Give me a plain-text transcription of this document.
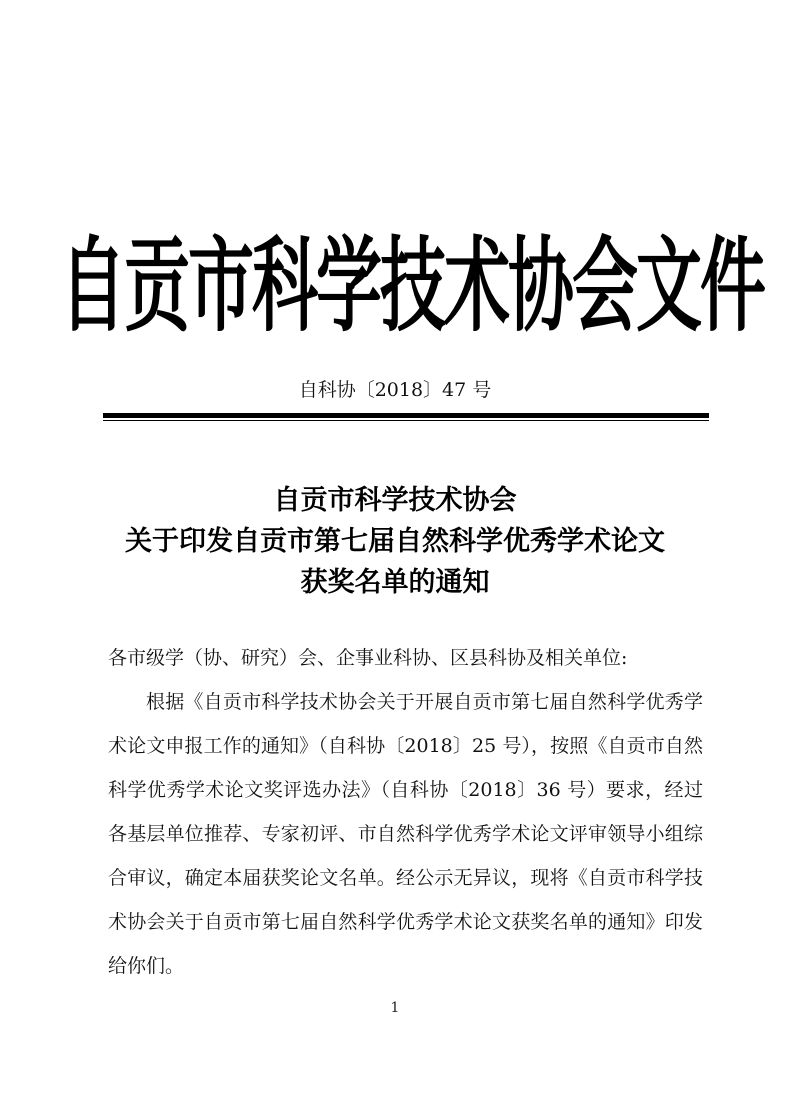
自贡市科学技术协会文件
自科协〔2018〕47 号
自贡市科学技术协会
关于印发自贡市第七届自然科学优秀学术论文
获奖名单的通知
各市级学（协、研究）会、企事业科协、区县科协及相关单位:
根据《自贡市科学技术协会关于开展自贡市第七届自然科学优秀学术论文申报工作的通知》（自科协〔2018〕25 号），按照《自贡市自然科学优秀学术论文奖评选办法》（自科协〔2018〕36 号）要求，经过各基层单位推荐、专家初评、市自然科学优秀学术论文评审领导小组综合审议，确定本届获奖论文名单。经公示无异议，现将《自贡市科学技术协会关于自贡市第七届自然科学优秀学术论文获奖名单的通知》印发给你们。
1
